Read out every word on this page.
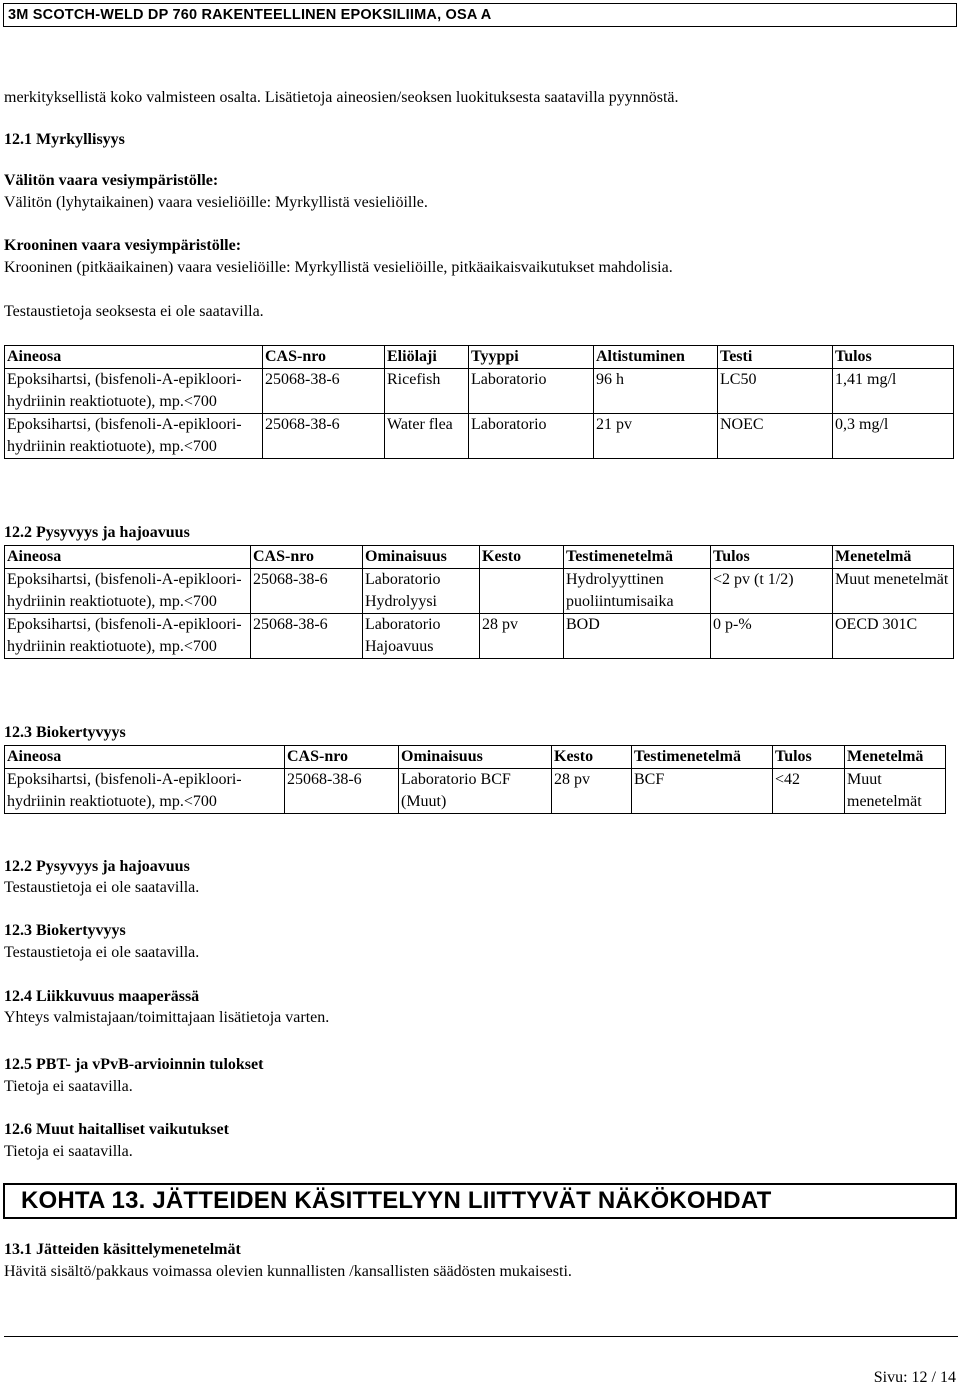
3M SCOTCH-WELD DP 760 RAKENTEELLINEN EPOKSILIIMA, OSA A
merkityksellistä koko valmisteen osalta. Lisätietoja aineosien/seoksen luokituksesta saatavilla pyynnöstä.
12.1 Myrkyllisyys
Välitön vaara vesiympäristölle:
Välitön (lyhytaikainen) vaara vesieliöille: Myrkyllistä vesieliöille.
Krooninen vaara vesiympäristölle:
Krooninen (pitkäaikainen) vaara vesieliöille: Myrkyllistä vesieliöille, pitkäaikaisvaikutukset mahdolisia.
Testaustietoja seoksesta ei ole saatavilla.
Aineosa	CAS-nro	Eliölaji	Tyyppi	Altistuminen	Testi	Tulos
Epoksihartsi, (bisfenoli-A-epikloori- hydriinin reaktiotuote), mp.<700	25068-38-6	Ricefish	Laboratorio	96 h	LC50	1,41 mg/l
Epoksihartsi, (bisfenoli-A-epikloori- hydriinin reaktiotuote), mp.<700	25068-38-6	Water flea	Laboratorio	21 pv	NOEC	0,3 mg/l
12.2 Pysyvyys ja hajoavuus
Aineosa	CAS-nro	Ominaisuus	Kesto	Testimenetelmä	Tulos	Menetelmä
Epoksihartsi, (bisfenoli-A-epikloori- hydriinin reaktiotuote), mp.<700	25068-38-6	Laboratorio Hydrolyysi		Hydrolyyttinen puoliintumisaika	<2 pv (t 1/2)	Muut menetelmät
Epoksihartsi, (bisfenoli-A-epikloori- hydriinin reaktiotuote), mp.<700	25068-38-6	Laboratorio Hajoavuus	28 pv	BOD	0 p-%	OECD 301C
12.3 Biokertyvyys
Aineosa	CAS-nro	Ominaisuus	Kesto	Testimenetelmä	Tulos	Menetelmä
Epoksihartsi, (bisfenoli-A-epikloori- hydriinin reaktiotuote), mp.<700	25068-38-6	Laboratorio BCF (Muut)	28 pv	BCF	<42	Muut menetelmät
12.2 Pysyvyys ja hajoavuus
Testaustietoja ei ole saatavilla.
12.3 Biokertyvyys
Testaustietoja ei ole saatavilla.
12.4 Liikkuvuus maaperässä
Yhteys valmistajaan/toimittajaan lisätietoja varten.
12.5 PBT- ja vPvB-arvioinnin tulokset
Tietoja ei saatavilla.
12.6 Muut haitalliset vaikutukset
Tietoja ei saatavilla.
KOHTA 13. JÄTTEIDEN KÄSITTELYYN LIITTYVÄT NÄKÖKOHDAT
13.1 Jätteiden käsittelymenetelmät
Hävitä sisältö/pakkaus voimassa olevien kunnallisten /kansallisten säädösten mukaisesti.
Sivu: 12 / 14
